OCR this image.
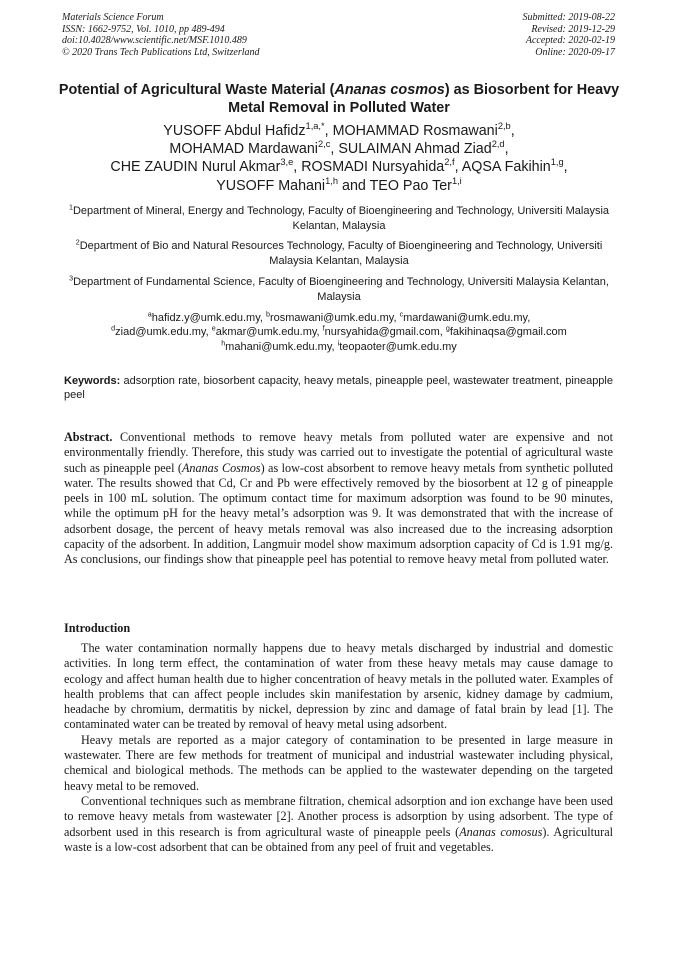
Materials Science Forum
ISSN: 1662-9752, Vol. 1010, pp 489-494
doi:10.4028/www.scientific.net/MSF.1010.489
© 2020 Trans Tech Publications Ltd, Switzerland
Submitted: 2019-08-22
Revised: 2019-12-29
Accepted: 2020-02-19
Online: 2020-09-17
Potential of Agricultural Waste Material (Ananas cosmos) as Biosorbent for Heavy Metal Removal in Polluted Water
YUSOFF Abdul Hafidz$^{1,a,*}$, MOHAMMAD Rosmawani$^{2,b}$,
MOHAMAD Mardawani$^{2,c}$, SULAIMAN Ahmad Ziad$^{2,d}$,
CHE ZAUDIN Nurul Akmar$^{3,e}$, ROSMADI Nursyahida$^{2,f}$, AQSA Fakihin$^{1,g}$,
YUSOFF Mahani$^{1,h}$ and TEO Pao Ter$^{1,i}$
$^1$Department of Mineral, Energy and Technology, Faculty of Bioengineering and Technology, Universiti Malaysia Kelantan, Malaysia
$^2$Department of Bio and Natural Resources Technology, Faculty of Bioengineering and Technology, Universiti Malaysia Kelantan, Malaysia
$^3$Department of Fundamental Science, Faculty of Bioengineering and Technology, Universiti Malaysia Kelantan, Malaysia
$^a$hafidz.y@umk.edu.my, $^b$rosmawani@umk.edu.my, $^c$mardawani@umk.edu.my,
$^d$ziad@umk.edu.my, $^e$akmar@umk.edu.my, $^f$nursyahida@gmail.com, $^g$fakihinaqsa@gmail.com
$^h$mahani@umk.edu.my, $^i$teopaoter@umk.edu.my
Keywords: adsorption rate, biosorbent capacity, heavy metals, pineapple peel, wastewater treatment, pineapple peel
Abstract. Conventional methods to remove heavy metals from polluted water are expensive and not environmentally friendly. Therefore, this study was carried out to investigate the potential of agricultural waste such as pineapple peel (Ananas Cosmos) as low-cost absorbent to remove heavy metals from synthetic polluted water. The results showed that Cd, Cr and Pb were effectively removed by the biosorbent at 12 g of pineapple peels in 100 mL solution. The optimum contact time for maximum adsorption was found to be 90 minutes, while the optimum pH for the heavy metal’s adsorption was 9. It was demonstrated that with the increase of adsorbent dosage, the percent of heavy metals removal was also increased due to the increasing adsorption capacity of the adsorbent. In addition, Langmuir model show maximum adsorption capacity of Cd is 1.91 mg/g. As conclusions, our findings show that pineapple peel has potential to remove heavy metal from polluted water.
Introduction

The water contamination normally happens due to heavy metals discharged by industrial and domestic activities. In long term effect, the contamination of water from these heavy metals may cause damage to ecology and affect human health due to higher concentration of heavy metals in the polluted water. Examples of health problems that can affect people includes skin manifestation by arsenic, kidney damage by cadmium, headache by chromium, dermatitis by nickel, depression by zinc and damage of fatal brain by lead [1]. The contaminated water can be treated by removal of heavy metal using adsorbent.

Heavy metals are reported as a major category of contamination to be presented in large measure in wastewater. There are few methods for treatment of municipal and industrial wastewater including physical, chemical and biological methods. The methods can be applied to the wastewater depending on the targeted heavy metal to be removed.

Conventional techniques such as membrane filtration, chemical adsorption and ion exchange have been used to remove heavy metals from wastewater [2]. Another process is adsorption by using adsorbent. The type of adsorbent used in this research is from agricultural waste of pineapple peels (Ananas comosus). Agricultural waste is a low-cost adsorbent that can be obtained from any peel of fruit and vegetables.
